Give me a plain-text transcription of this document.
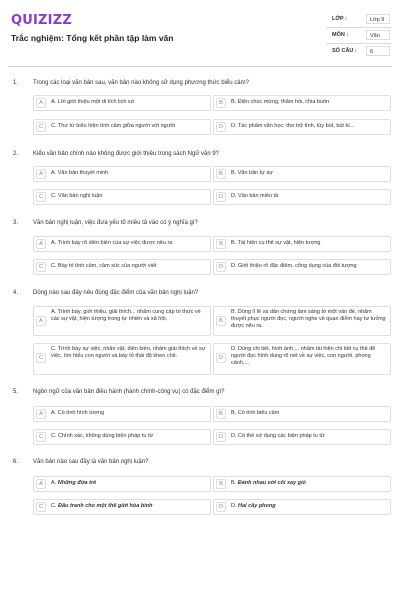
QUIZIZZ
Trắc nghiệm: Tổng kết phần tập làm văn
LỚP :	Lớp 9
MÔN :	Văn
SỐ CÂU :	6
1. Trong các loại văn bản sau, văn bản nào không sử dụng phương thức biểu cảm?
A	A. Lời giới thiệu một di tích lịch sử	B	B. Điện chúc mừng, thăm hỏi, chia buồn
C	C. Thư từ biểu hiện tình cảm giữa người với người	D	D. Tác phẩm văn học: thơ trữ tình, tùy bút, bút kí...
2. Kiểu văn bản chính nào không được giới thiệu trong sách Ngữ văn 9?
A	A. Văn bản thuyết minh	B	B. Văn bản tự sự
C	C. Văn bản nghị luận	D	D. Văn bản miêu tả
3. Văn bản nghị luận, việc đưa yếu tố miêu tả vào có ý nghĩa gì?
A	A. Trình bày rõ diễn biến của sự việc được nêu ra	B	B. Tái hiện cụ thể sự vật, hiện tượng
C	C. Bày tỏ tình cảm, cảm xúc của người viết	D	D. Giới thiệu rõ đặc điểm, công dụng của đối tượng
4. Dòng nào sau đây nêu đúng đặc điểm của văn bản nghị luận?
A
A. Trình bày, giới thiệu, giải thích... nhằm cung cấp tri thức về các sự vật, hiện tượng trong tự nhiên và xã hội.	B
B. Dùng lí lẽ và dẫn chứng làm sáng tỏ một vấn đề, nhằm thuyết phục người đọc, người nghe về quan điểm hay tư tưởng được nêu ra.
C
C. Trình bày sự việc, nhân vật, diễn biến, nhằm giải thích về sự việc, tìm hiểu con người và bày tỏ thái độ khen chê.	D
D. Dùng chi tiết, hình ảnh,... nhằm tái hiện chi tiết cụ thể để người đọc hình dung rõ nét về sự việc, con người, phong cảnh,...
5. Ngôn ngữ của văn bản điều hành (hành chính-công vụ) có đặc điểm gì?
A	A. Có tính hình tượng	B	B. Có tính biểu cảm
C	C. Chính xác, không dùng biện pháp tu từ	D	D. Có thể sử dụng các biện pháp tu từ
6. Văn bản nào sau đây là văn bản nghị luận?
A	A. Những đứa trẻ	B	B. Đánh nhau với cối xay gió
C	C. Đấu tranh cho một thế giới hòa bình	D	D. Hai cây phong
